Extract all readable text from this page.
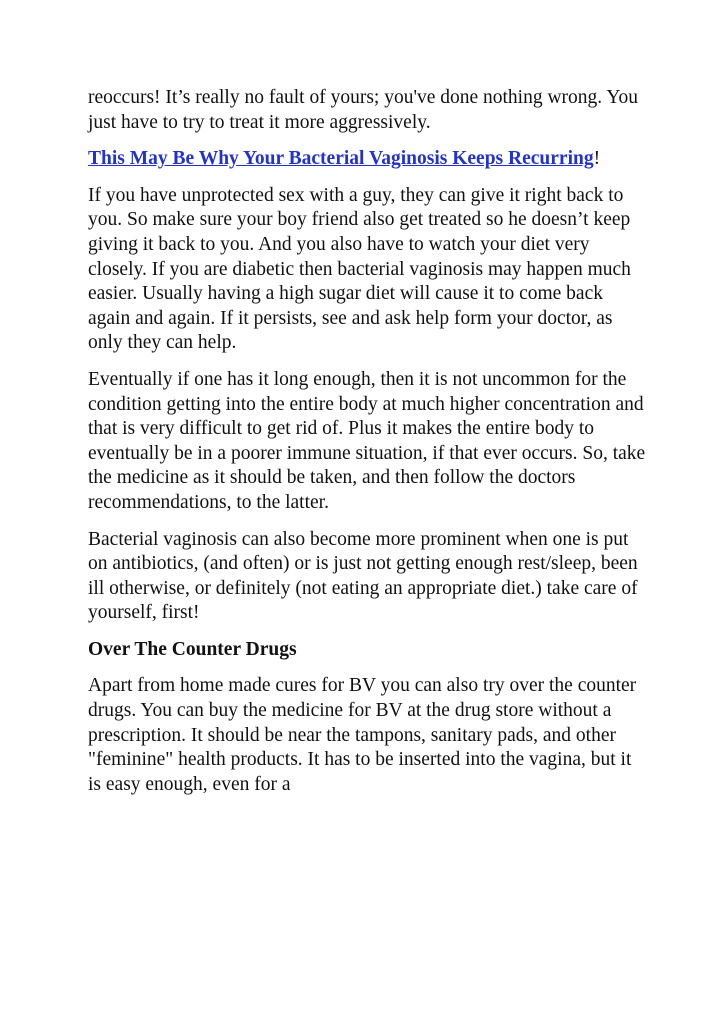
reoccurs! It’s really no fault of yours; you've done nothing wrong. You just have to try to treat it more aggressively.

This May Be Why Your Bacterial Vaginosis Keeps Recurring!

If you have unprotected sex with a guy, they can give it right back to you. So make sure your boy friend also get treated so he doesn’t keep giving it back to you. And you also have to watch your diet very closely. If you are diabetic then bacterial vaginosis may happen much easier. Usually having a high sugar diet will cause it to come back again and again. If it persists, see and ask help form your doctor, as only they can help.

Eventually if one has it long enough, then it is not uncommon for the condition getting into the entire body at much higher concentration and that is very difficult to get rid of. Plus it makes the entire body to eventually be in a poorer immune situation, if that ever occurs. So, take the medicine as it should be taken, and then follow the doctors recommendations, to the latter.

Bacterial vaginosis can also become more prominent when one is put on antibiotics, (and often) or is just not getting enough rest/sleep, been ill otherwise, or definitely (not eating an appropriate diet.) take care of yourself, first!

Over The Counter Drugs

Apart from home made cures for BV you can also try over the counter drugs. You can buy the medicine for BV at the drug store without a prescription. It should be near the tampons, sanitary pads, and other "feminine" health products. It has to be inserted into the vagina, but it is easy enough, even for a
